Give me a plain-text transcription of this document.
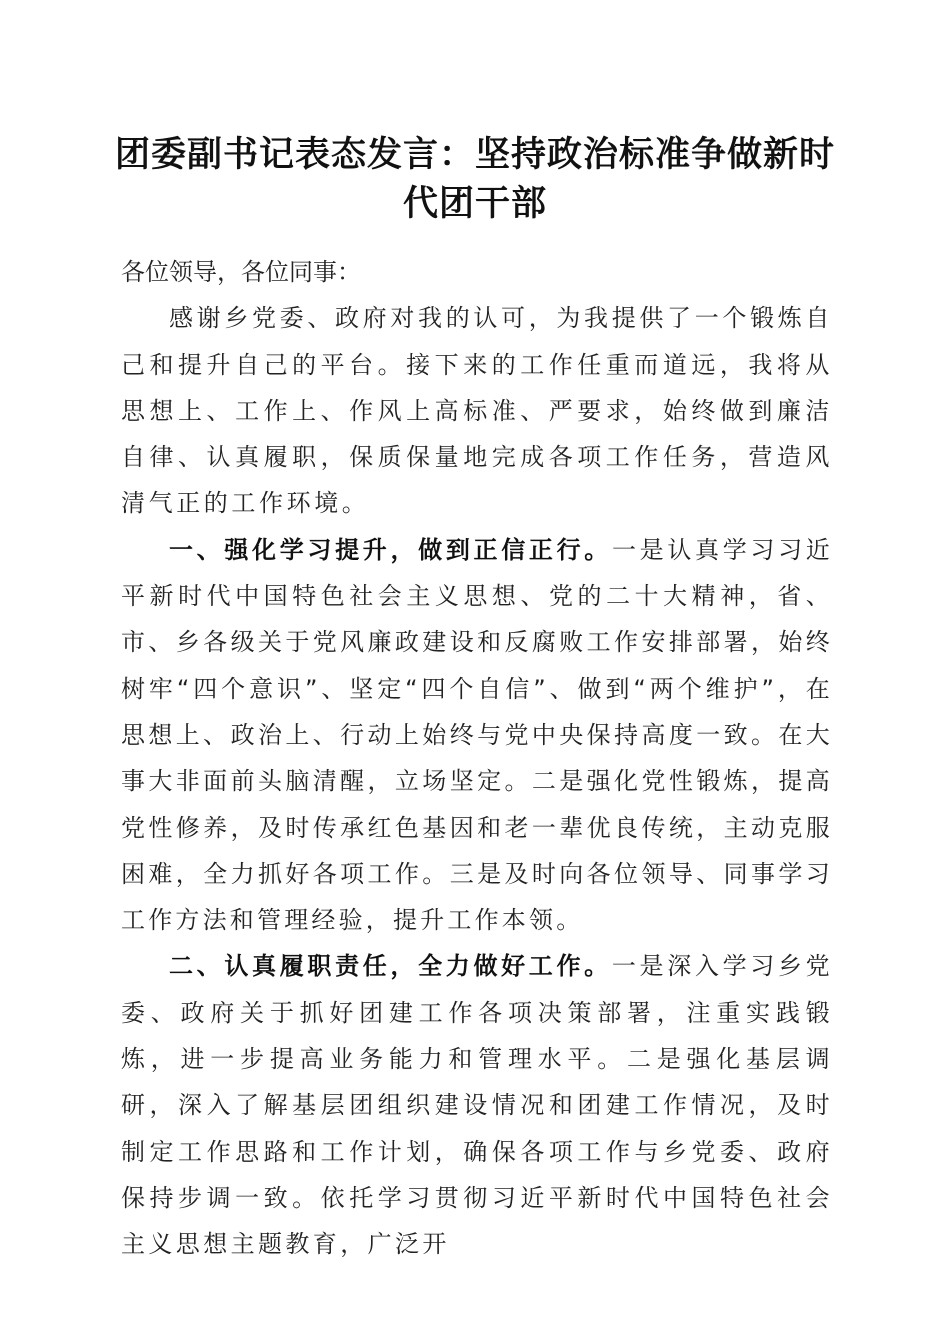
团委副书记表态发言：坚持政治标准争做新时代团干部

各位领导，各位同事：

感谢乡党委、政府对我的认可，为我提供了一个锻炼自己和提升自己的平台。接下来的工作任重而道远，我将从思想上、工作上、作风上高标准、严要求，始终做到廉洁自律、认真履职，保质保量地完成各项工作任务，营造风清气正的工作环境。

一、强化学习提升，做到正信正行。一是认真学习习近平新时代中国特色社会主义思想、党的二十大精神，省、市、乡各级关于党风廉政建设和反腐败工作安排部署，始终树牢“四个意识”、坚定“四个自信”、做到“两个维护”，在思想上、政治上、行动上始终与党中央保持高度一致。在大事大非面前头脑清醒，立场坚定。二是强化党性锻炼，提高党性修养，及时传承红色基因和老一辈优良传统，主动克服困难，全力抓好各项工作。三是及时向各位领导、同事学习工作方法和管理经验，提升工作本领。

二、认真履职责任，全力做好工作。一是深入学习乡党委、政府关于抓好团建工作各项决策部署，注重实践锻炼，进一步提高业务能力和管理水平。二是强化基层调研，深入了解基层团组织建设情况和团建工作情况，及时制定工作思路和工作计划，确保各项工作与乡党委、政府保持步调一致。依托学习贯彻习近平新时代中国特色社会主义思想主题教育，广泛开
